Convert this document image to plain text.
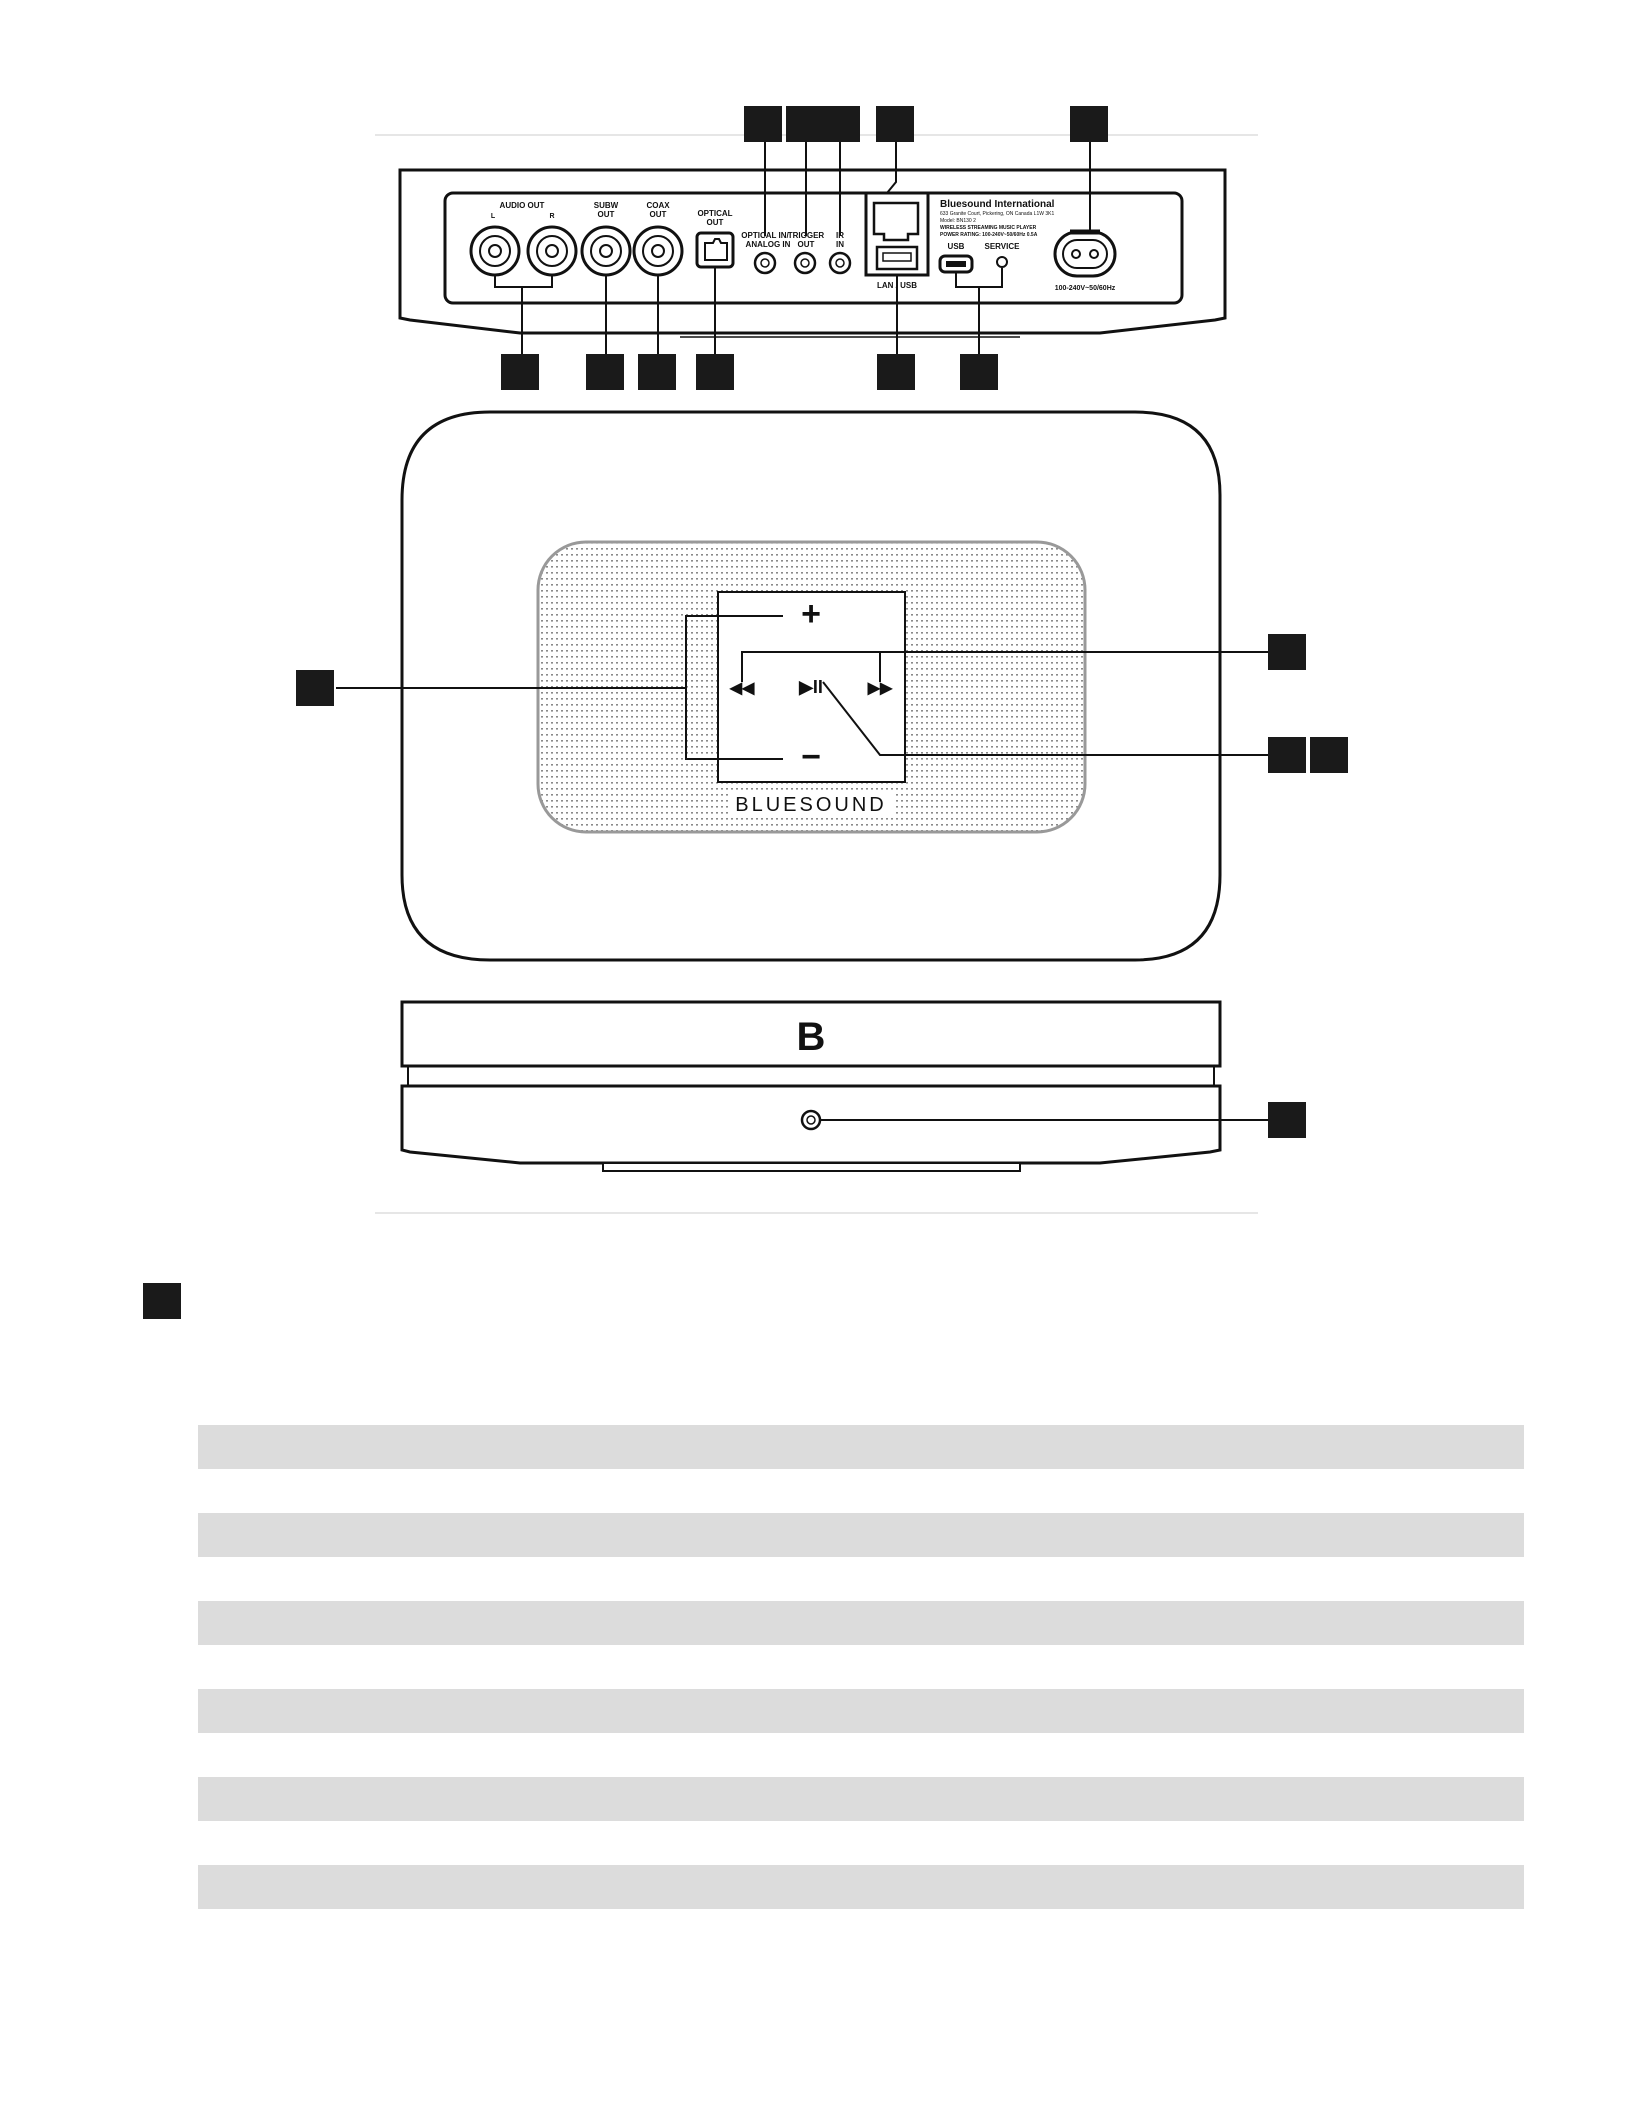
AUDIO OUT
L	R
SUBW
OUT
COAX
OUT	OPTICAL
OUT
OPTICAL IN/
ANALOG IN
TRIGGER
OUT
IR
IN
LAN / USB
Bluesound International
633 Granite Court, Pickering, ON Canada L1W 3K1
Model: BN130 2
WIRELESS STREAMING MUSIC PLAYER
POWER RATING: 100-240V~50/60Hz 0.5A
USB	SERVICE
100-240V~50/60Hz
+
−
◀◀ ▶II	▶▶
BLUESOUND
B
